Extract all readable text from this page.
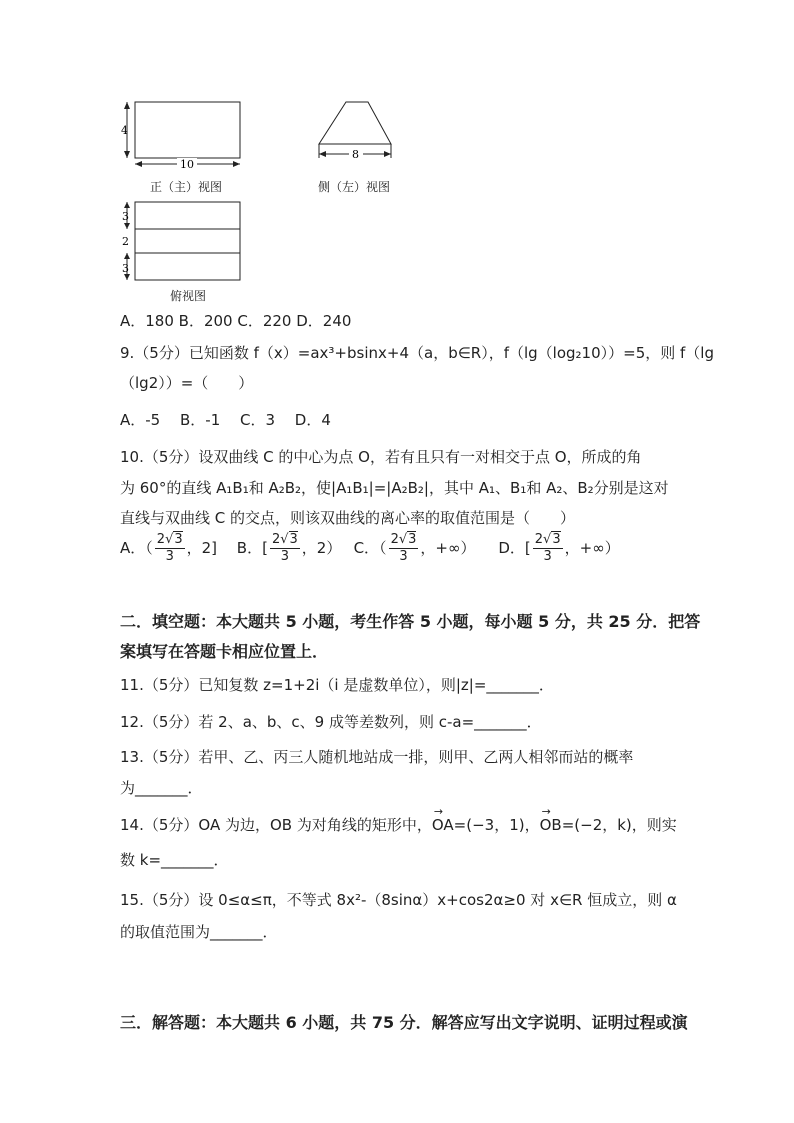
4
10
正（主）视图
8
侧（左）视图
3
2
3
俯视图
A．180 B．200 C．220 D．240
9.（5分）已知函数 f（x）=ax³+bsinx+4（a，b∈R），f（lg（log₂10））=5，则 f（lg
（lg2））=（　　）
A．-5　 B．-1　 C．3　 D．4
10.（5分）设双曲线 C 的中心为点 O，若有且只有一对相交于点 O，所成的角
为 60°的直线 A₁B₁和 A₂B₂，使|A₁B₁|=|A₂B₂|，其中 A₁、B₁和 A₂、B₂分别是这对
直线与双曲线 C 的交点，则该双曲线的离心率的取值范围是（　　）
A．（ $\frac{2√3}{3}$ ，2] B．[ $\frac{2√3}{3}$ ，2） C．（ $\frac{2√3}{3}$ ，+∞） D．[ $\frac{2√3}{3}$ ，+∞）
二．填空题：本大题共 5 小题，考生作答 5 小题，每小题 5 分，共 25 分．把答
案填写在答题卡相应位置上．
11.（5分）已知复数 z=1+2i（i 是虚数单位），则|z|=_______．
12.（5分）若 2、a、b、c、9 成等差数列，则 c-a=_______．
13.（5分）若甲、乙、丙三人随机地站成一排，则甲、乙两人相邻而站的概率
为_______．
14.（5分）OA 为边，OB 为对角线的矩形中，→ OA=(−3，1)，→ OB=(−2，k)，则实
数 k=_______．
15.（5分）设 0≤α≤π，不等式 8x²-（8sinα）x+cos2α≥0 对 x∈R 恒成立，则 α
的取值范围为_______．
三．解答题：本大题共 6 小题，共 75 分．解答应写出文字说明、证明过程或演
